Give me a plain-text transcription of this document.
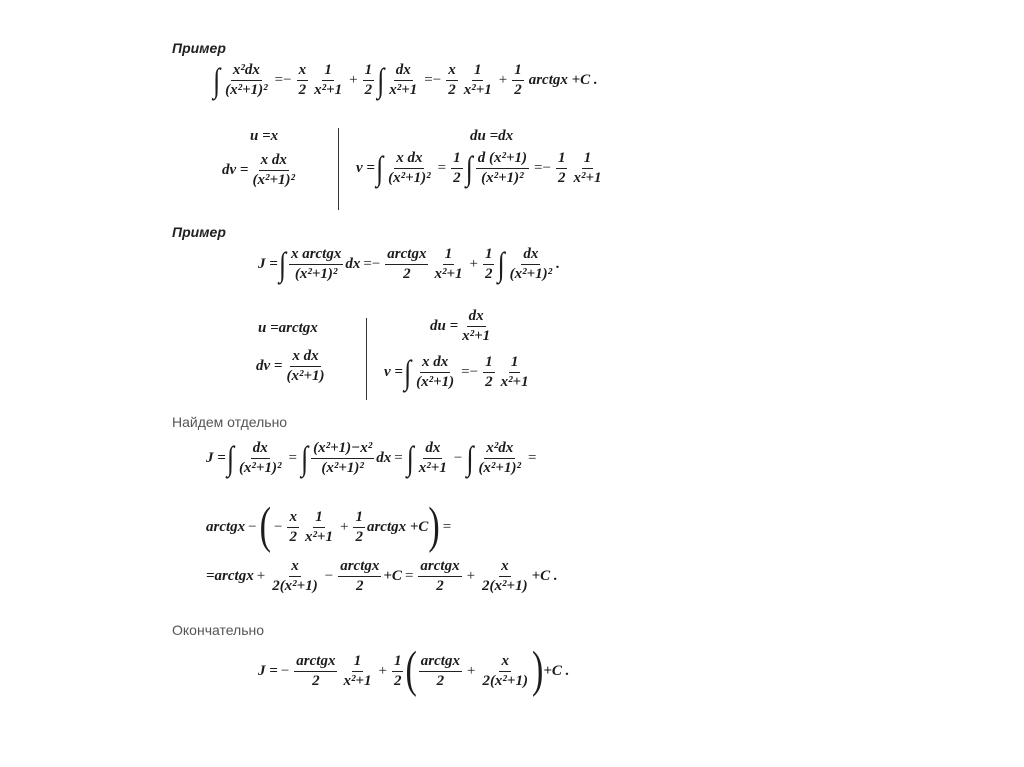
Пример
∫ $\frac{\text{x²dx}}{\text{(x²+1)²}} =- \frac{x}{2} \frac{1}{\text{x²+1}} + \frac{1}{2}$ ∫ $\frac{dx}{\text{x²+1}} =- \frac{x}{2} \frac{1}{\text{x²+1}} + \frac{1}{2}$ arctgx +C .
u =x	du =dx
dv = $\frac{\text{x dx}}{\text{(x²+1)²}}$	v = ∫ $\frac{\text{x dx}}{\text{(x²+1)²}} = \frac{1}{2}$ ∫ $\frac{\text{d (x²+1)}}{\text{(x²+1)²}} =- \frac{1}{2} \frac{1}{\text{x²+1}}$
Пример
J = ∫ $\frac{\text{x arctgx}}{\text{(x²+1)²}}$ dx =− $\frac{\text{arctgx}}{2} \frac{1}{\text{x²+1}} + \frac{1}{2}$ ∫ $\frac{dx}{\text{(x²+1)²}}$ .
u =arctgx	du = $\frac{dx}{\text{x²+1}}$
dv = $\frac{\text{x dx}}{\text{(x²+1)}}$	v = ∫ $\frac{\text{x dx}}{\text{(x²+1)}} =- \frac{1}{2} \frac{1}{\text{x²+1}}$
Найдем отдельно
J = ∫ $\frac{dx}{\text{(x²+1)²}}$ = ∫ $\frac{\text{(x²+1)−x²}}{\text{(x²+1)²}}$ dx = ∫ $\frac{dx}{\text{x²+1}}$ − ∫ $\frac{\text{x²dx}}{\text{(x²+1)²}}$ =
arctgx − ( − $\frac{x}{2} \frac{1}{\text{x²+1}} + \frac{1}{2}$ arctgx +C ) =
=arctgx + $\frac{x}{\text{2(x²+1)}} - \frac{\text{arctgx}}{2} +C = \frac{\text{arctgx}}{2} + \frac{x}{\text{2(x²+1)}} +C$ .
Окончательно
J = − $\frac{\text{arctgx}}{2} \frac{1}{\text{x²+1}} + \frac{1}{2}$ ( $\frac{\text{arctgx}}{2} + \frac{x}{\text{2(x²+1)}}$ ) +C .
